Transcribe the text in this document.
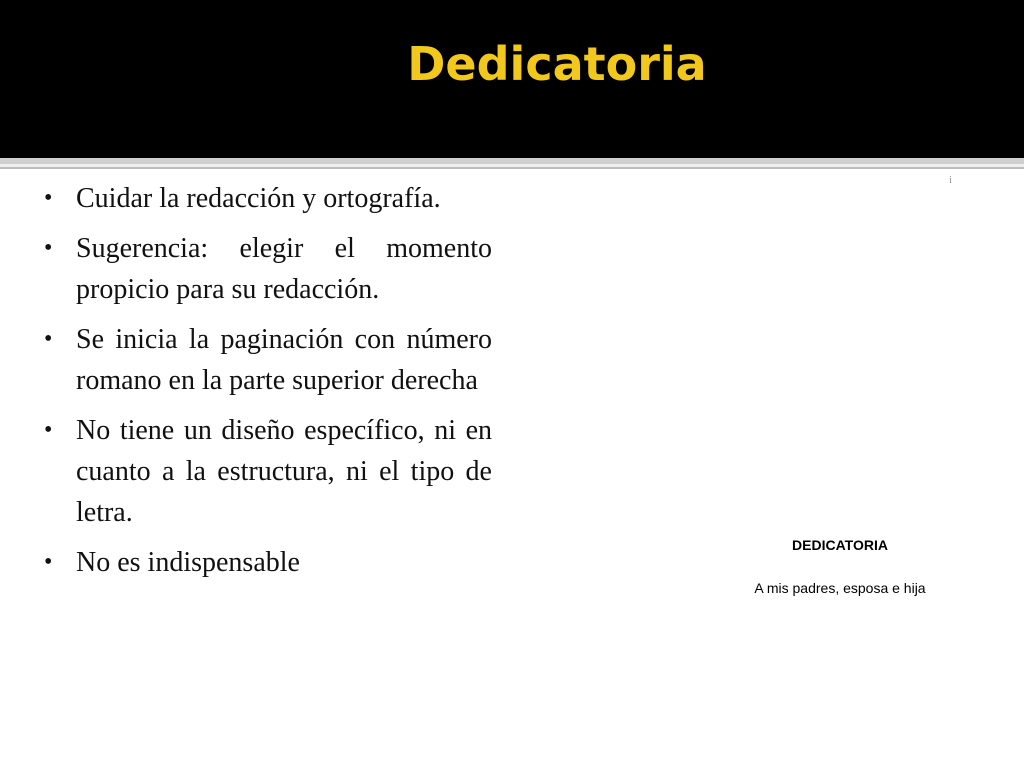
Dedicatoria
• Cuidar la redacción y ortografía.
• Sugerencia: elegir el momento propicio para su redacción.
• Se inicia la paginación con número romano en la parte superior derecha
• No tiene un diseño específico, ni en cuanto a la estructura, ni el tipo de letra.
• No es indispensable
i

DEDICATORIA

A mis padres, esposa e hija
